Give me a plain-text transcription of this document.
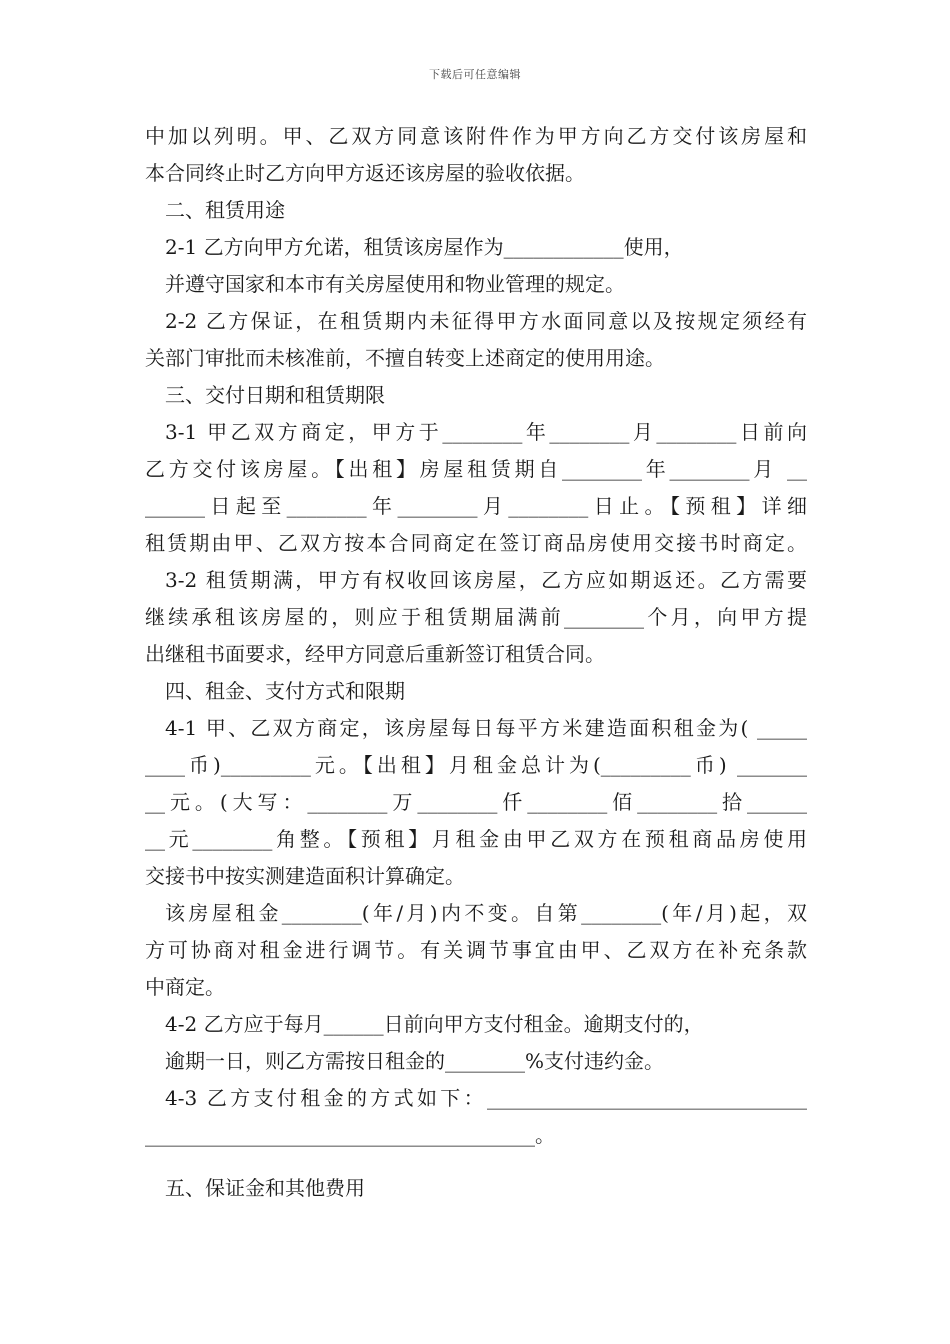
下载后可任意编辑
中加以列明。甲、乙双方同意该附件作为甲方向乙方交付该房屋和
本合同终止时乙方向甲方返还该房屋的验收依据。
二、租赁用途
2-1 乙方向甲方允诺，租赁该房屋作为____________使用，
并遵守国家和本市有关房屋使用和物业管理的规定。
2-2 乙方保证，在租赁期内未征得甲方水面同意以及按规定须经有
关部门审批而未核准前，不擅自转变上述商定的使用用途。
三、交付日期和租赁期限
3-1 甲乙双方商定，甲方于________年________月________日前向
乙方交付该房屋。【出租】房屋租赁期自________年________月 __
______日起至________年________月________日止。【预租】详细
租赁期由甲、乙双方按本合同商定在签订商品房使用交接书时商定。
3-2 租赁期满，甲方有权收回该房屋，乙方应如期返还。乙方需要
继续承租该房屋的，则应于租赁期届满前________个月，向甲方提
出继租书面要求，经甲方同意后重新签订租赁合同。
四、租金、支付方式和限期
4-1 甲、乙双方商定，该房屋每日每平方米建造面积租金为( _____
____币)_________元。【出租】月租金总计为(_________币) _______
__元。(大写：________万________仟________佰________拾______
__元________角整。【预租】月租金由甲乙双方在预租商品房使用
交接书中按实测建造面积计算确定。
该房屋租金________(年/月)内不变。自第________(年/月)起，双
方可协商对租金进行调节。有关调节事宜由甲、乙双方在补充条款
中商定。
4-2 乙方应于每月______日前向甲方支付租金。逾期支付的，
逾期一日，则乙方需按日租金的________%支付违约金。
4-3 乙方支付租金的方式如下：________________________________
_______________________________________。
五、保证金和其他费用
